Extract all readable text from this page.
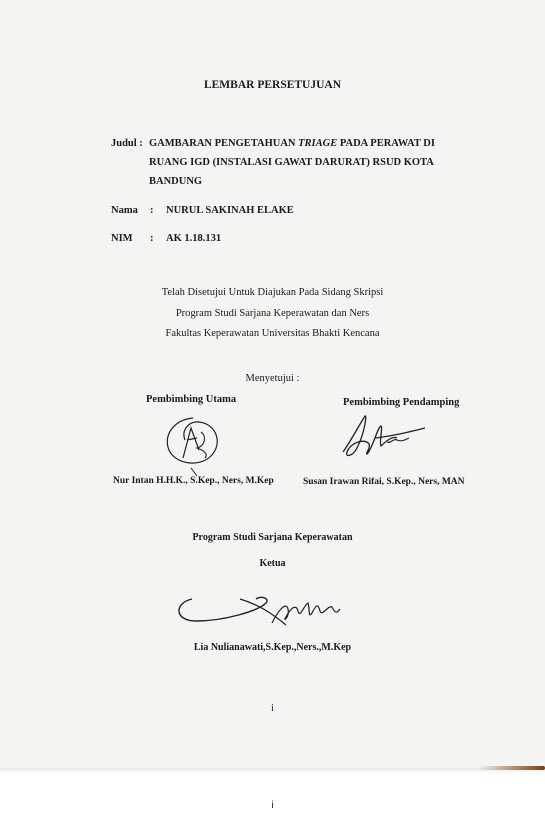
LEMBAR PERSETUJUAN
Judul : GAMBARAN PENGETAHUAN TRIAGE PADA PERAWAT DI
RUANG IGD (INSTALASI GAWAT DARURAT) RSUD KOTA
BANDUNG
Nama : NURUL SAKINAH ELAKE
NIM : AK 1.18.131
Telah Disetujui Untuk Diajukan Pada Sidang Skripsi
Program Studi Sarjana Keperawatan dan Ners
Fakultas Keperawatan Universitas Bhakti Kencana
Menyetujui :
Pembimbing Utama	Pembimbing Pendamping
Nur Intan H.H.K., S.Kep., Ners, M.Kep	Susan Irawan Rifai, S.Kep., Ners, MAN
Program Studi Sarjana Keperawatan
Ketua
Lia Nulianawati,S.Kep.,Ners.,M.Kep
i
i
